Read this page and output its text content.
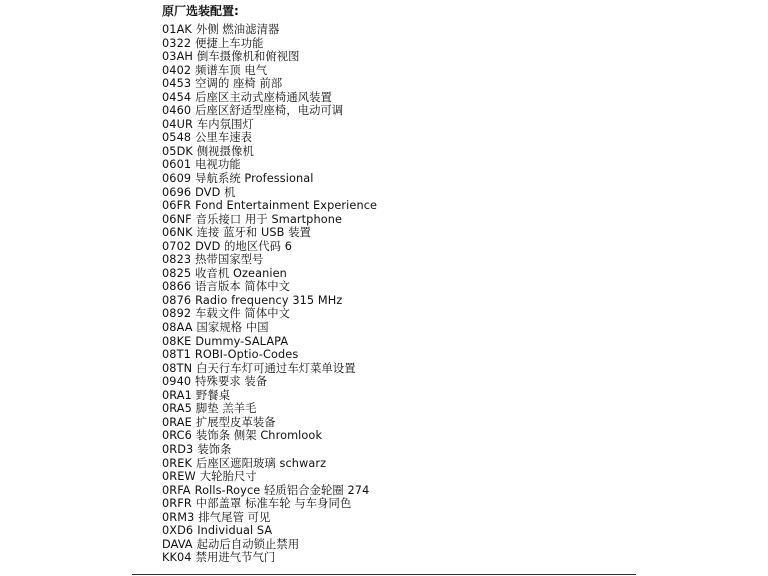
原厂选装配置:
01AK 外侧 燃油滤清器
0322 便捷上车功能
03AH 倒车摄像机和俯视图
0402 频谱车顶 电气
0453 空调的 座椅 前部
0454 后座区主动式座椅通风装置
0460 后座区舒适型座椅，电动可调
04UR 车内氛围灯
0548 公里车速表
05DK 侧视摄像机
0601 电视功能
0609 导航系统 Professional
0696 DVD 机
06FR Fond Entertainment Experience
06NF 音乐接口 用于 Smartphone
06NK 连接 蓝牙和 USB 装置
0702 DVD 的地区代码 6
0823 热带国家型号
0825 收音机 Ozeanien
0866 语言版本 简体中文
0876 Radio frequency 315 MHz
0892 车载文件 简体中文
08AA 国家规格 中国
08KE Dummy-SALAPA
08T1 ROBI-Optio-Codes
08TN 白天行车灯可通过车灯菜单设置
0940 特殊要求 装备
0RA1 野餐桌
0RA5 脚垫 羔羊毛
0RAE 扩展型皮革装备
0RC6 装饰条 侧架 Chromlook
0RD3 装饰条
0REK 后座区遮阳玻璃 schwarz
0REW 大轮胎尺寸
0RFA Rolls-Royce 轻质铝合金轮圈 274
0RFR 中部盖罩 标准车轮 与车身同色
0RM3 排气尾管 可见
0XD6 Individual SA
DAVA 起动后自动锁止禁用
KK04 禁用进气节气门
